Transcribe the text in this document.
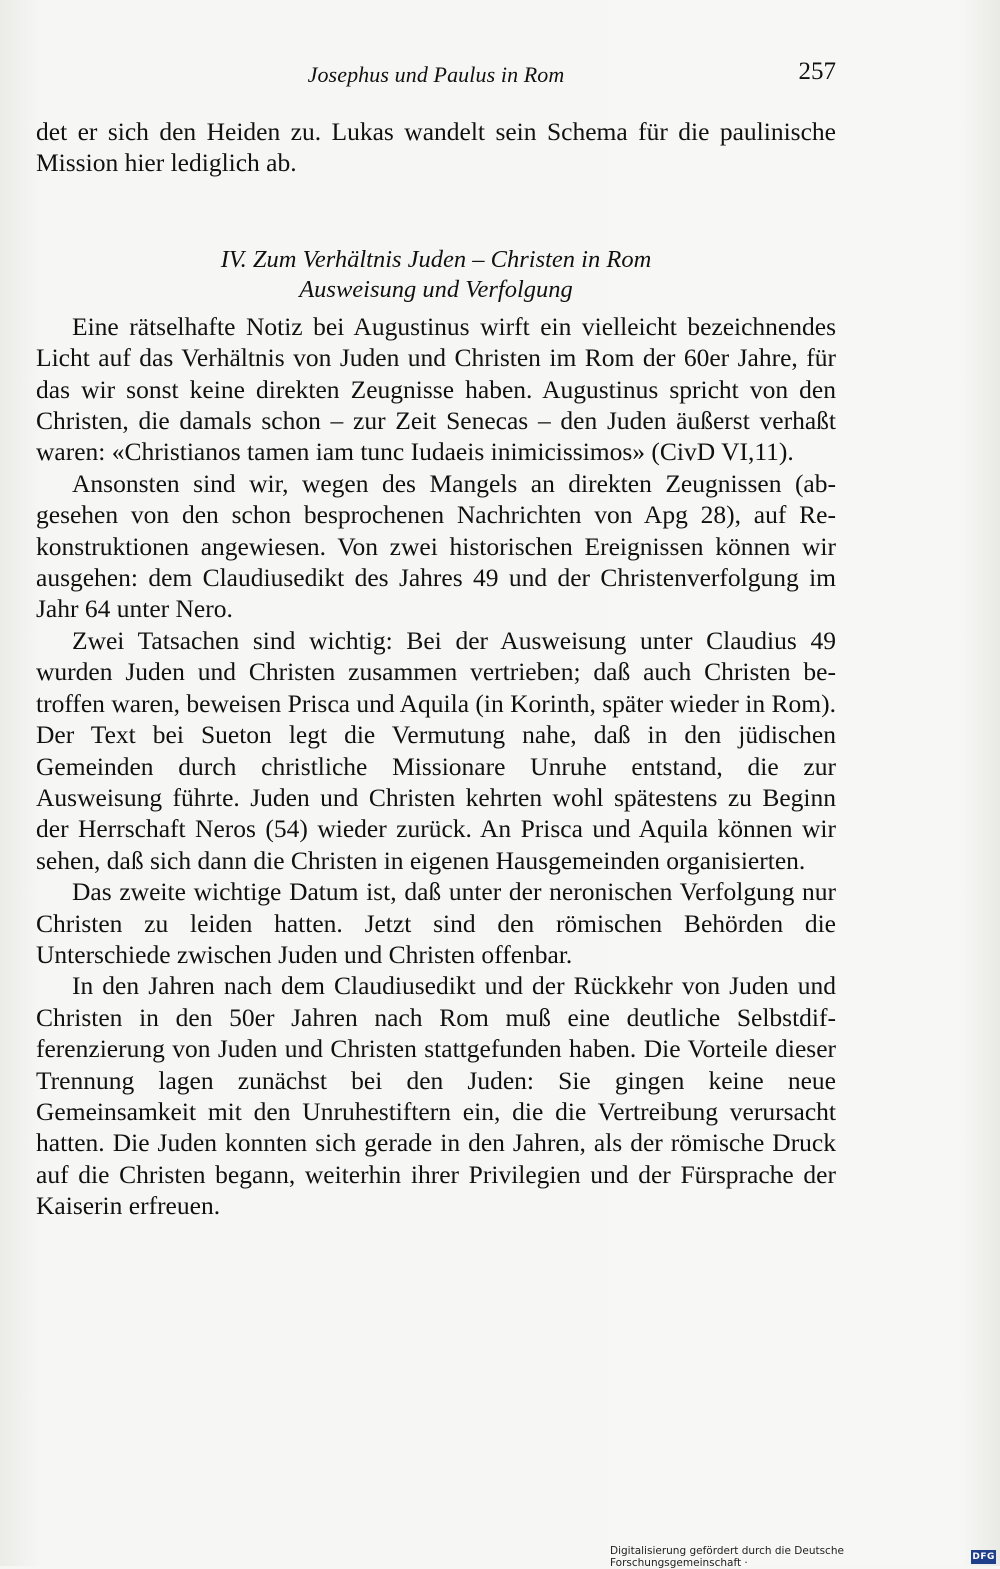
Josephus und Paulus in Rom	257

det er sich den Heiden zu. Lukas wandelt sein Schema für die paulinische Mission hier lediglich ab.

IV. Zum Verhältnis Juden – Christen in Rom
Ausweisung und Verfolgung

Eine rätselhafte Notiz bei Augustinus wirft ein vielleicht bezeichnendes Licht auf das Verhältnis von Juden und Christen im Rom der 60er Jahre, für das wir sonst keine direkten Zeugnisse haben. Augustinus spricht von den Christen, die damals schon – zur Zeit Senecas – den Juden äußerst verhaßt waren: «Christianos tamen iam tunc Iudaeis inimicissimos» (CivD VI,11).

Ansonsten sind wir, wegen des Mangels an direkten Zeugnissen (abgesehen von den schon besprochenen Nachrichten von Apg 28), auf Rekonstruktionen angewiesen. Von zwei historischen Ereignissen können wir ausgehen: dem Claudiusedikt des Jahres 49 und der Christenverfolgung im Jahr 64 unter Nero.

Zwei Tatsachen sind wichtig: Bei der Ausweisung unter Claudius 49 wurden Juden und Christen zusammen vertrieben; daß auch Christen betroffen waren, beweisen Prisca und Aquila (in Korinth, später wieder in Rom). Der Text bei Sueton legt die Vermutung nahe, daß in den jüdischen Gemeinden durch christliche Missionare Unruhe entstand, die zur Ausweisung führte. Juden und Christen kehrten wohl spätestens zu Beginn der Herrschaft Neros (54) wieder zurück. An Prisca und Aquila können wir sehen, daß sich dann die Christen in eigenen Hausgemeinden organisierten.

Das zweite wichtige Datum ist, daß unter der neronischen Verfolgung nur Christen zu leiden hatten. Jetzt sind den römischen Behörden die Unterschiede zwischen Juden und Christen offenbar.

In den Jahren nach dem Claudiusedikt und der Rückkehr von Juden und Christen in den 50er Jahren nach Rom muß eine deutliche Selbstdifferenzierung von Juden und Christen stattgefunden haben. Die Vorteile dieser Trennung lagen zunächst bei den Juden: Sie gingen keine neue Gemeinsamkeit mit den Unruhestiftern ein, die die Vertreibung verursacht hatten. Die Juden konnten sich gerade in den Jahren, als der römische Druck auf die Christen begann, weiterhin ihrer Privilegien und der Fürsprache der Kaiserin erfreuen.

Digitalisierung gefördert durch die Deutsche Forschungsgemeinschaft ·	DFG
